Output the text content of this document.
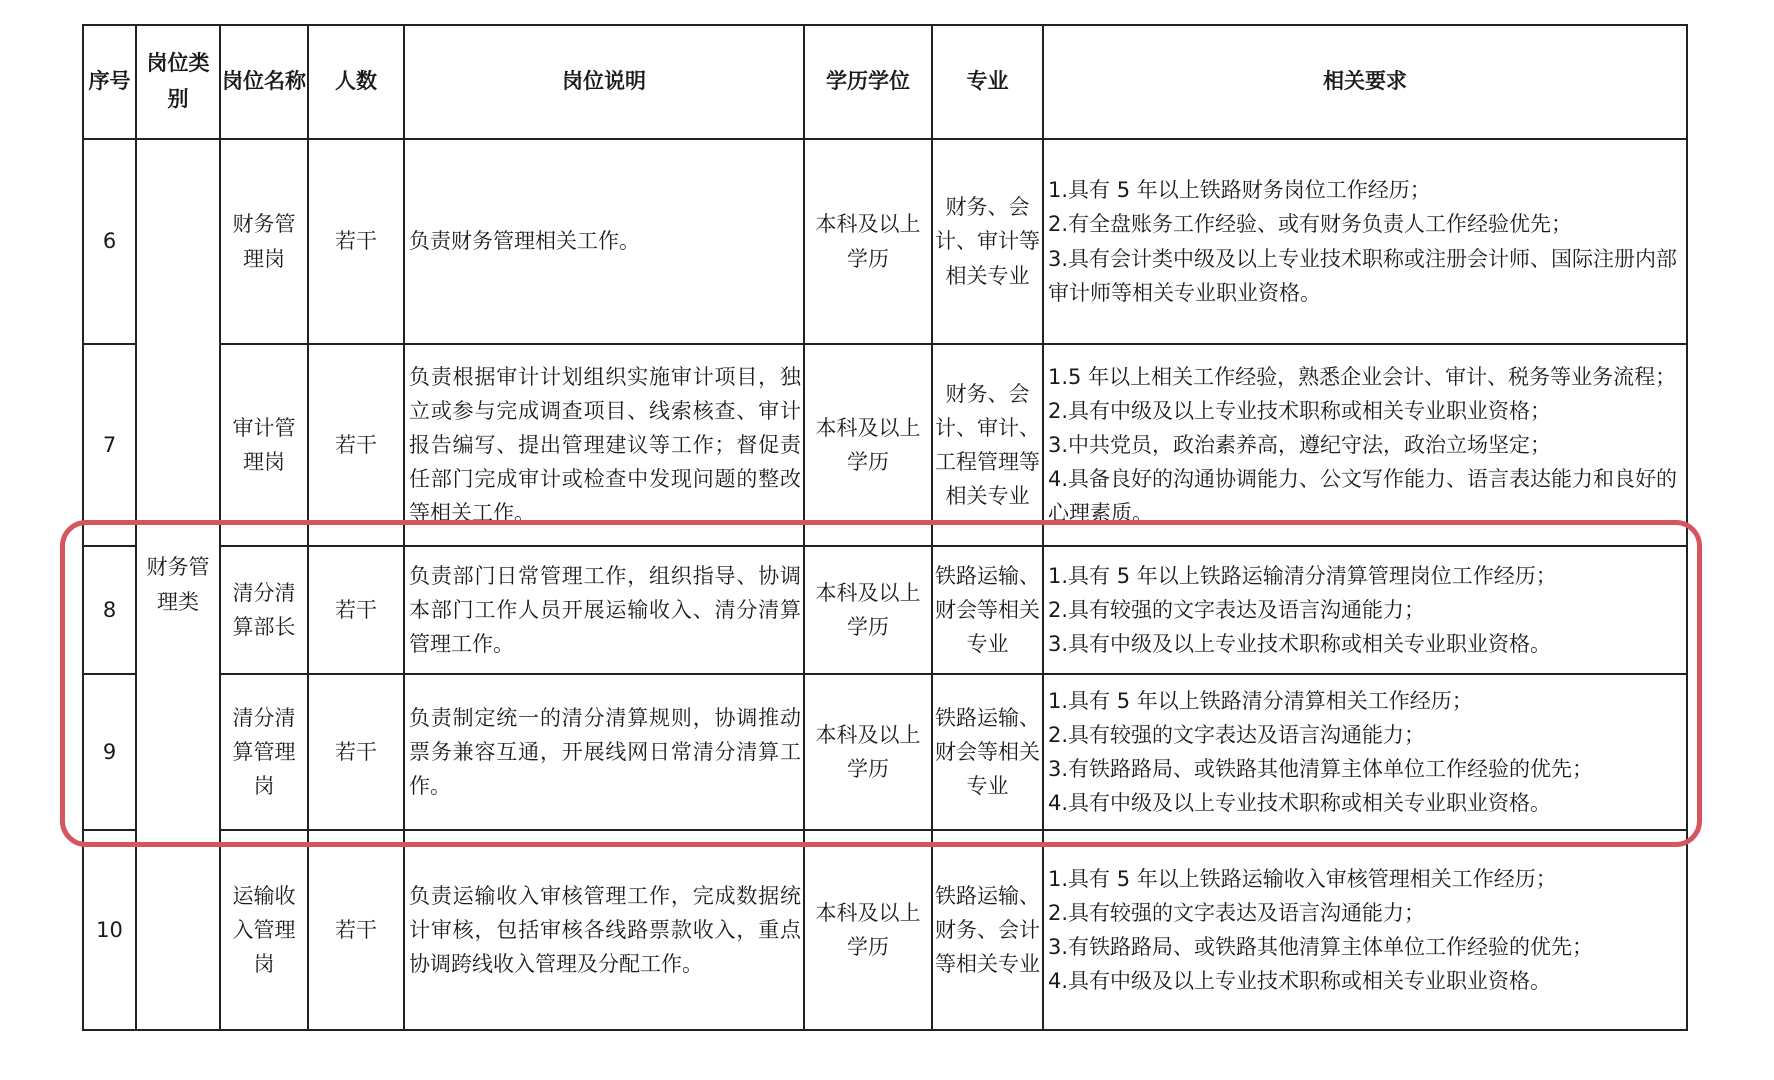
序号	岗位类别	岗位名称	人数	岗位说明	学历学位	专业	相关要求
6	财务管理类	财务管理岗	若干	负责财务管理相关工作。	本科及以上学历	财务、会计、审计等相关专业	1.具有 5 年以上铁路财务岗位工作经历；
2.有全盘账务工作经验、或有财务负责人工作经验优先；
3.具有会计类中级及以上专业技术职称或注册会计师、国际注册内部审计师等相关专业职业资格。

7		审计管理岗	若干	负责根据审计计划组织实施审计项目，独立或参与完成调查项目、线索核查、审计报告编写、提出管理建议等工作；督促责任部门完成审计或检查中发现问题的整改等相关工作。	本科及以上学历	财务、会计、审计、工程管理等相关专业	1.5 年以上相关工作经验，熟悉企业会计、审计、税务等业务流程；
2.具有中级及以上专业技术职称或相关专业职业资格；
3.中共党员，政治素养高，遵纪守法，政治立场坚定；
4.具备良好的沟通协调能力、公文写作能力、语言表达能力和良好的心理素质。

8		清分清算部长	若干	负责部门日常管理工作，组织指导、协调本部门工作人员开展运输收入、清分清算管理工作。	本科及以上学历	铁路运输、财会等相关专业	1.具有 5 年以上铁路运输清分清算管理岗位工作经历；
2.具有较强的文字表达及语言沟通能力；
3.具有中级及以上专业技术职称或相关专业职业资格。

9		清分清算管理岗	若干	负责制定统一的清分清算规则，协调推动票务兼容互通，开展线网日常清分清算工作。	本科及以上学历	铁路运输、财会等相关专业	1.具有 5 年以上铁路清分清算相关工作经历；
2.具有较强的文字表达及语言沟通能力；
3.有铁路路局、或铁路其他清算主体单位工作经验的优先；
4.具有中级及以上专业技术职称或相关专业职业资格。

10		运输收入管理岗	若干	负责运输收入审核管理工作，完成数据统计审核，包括审核各线路票款收入，重点协调跨线收入管理及分配工作。	本科及以上学历	铁路运输、财务、会计等相关专业	1.具有 5 年以上铁路运输收入审核管理相关工作经历；
2.具有较强的文字表达及语言沟通能力；
3.有铁路路局、或铁路其他清算主体单位工作经验的优先；
4.具有中级及以上专业技术职称或相关专业职业资格。
